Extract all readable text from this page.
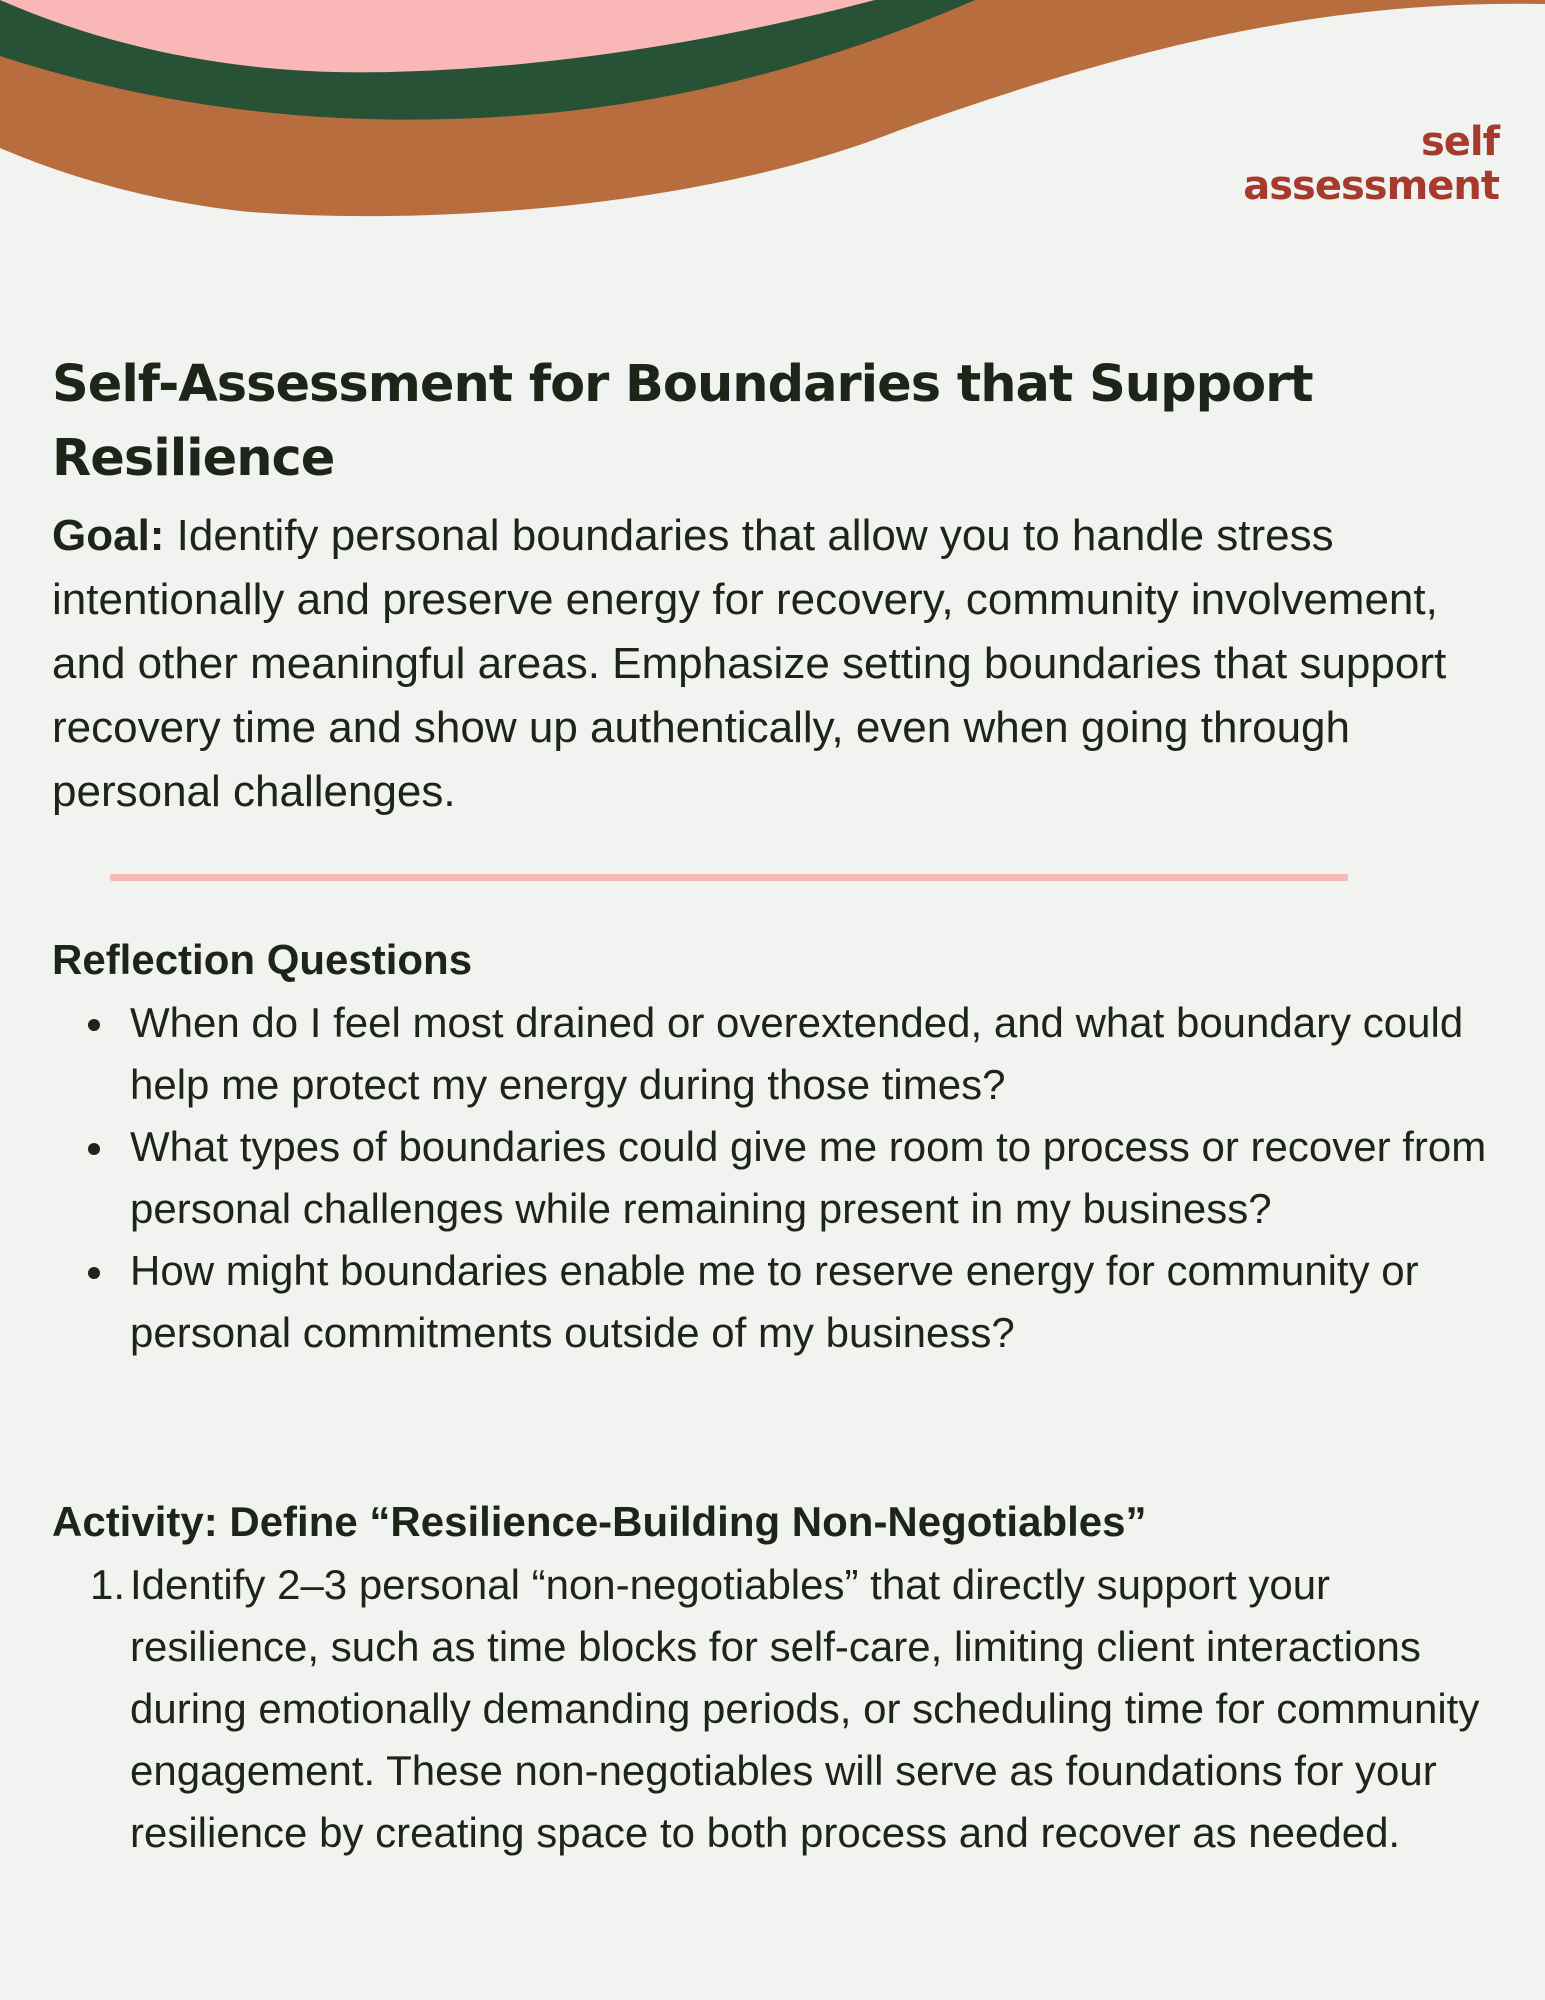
self
assessment
Self-Assessment for Boundaries that Support Resilience

Goal: Identify personal boundaries that allow you to handle stress intentionally and preserve energy for recovery, community involvement, and other meaningful areas. Emphasize setting boundaries that support recovery time and show up authentically, even when going through personal challenges.

Reflection Questions
When do I feel most drained or overextended, and what boundary could help me protect my energy during those times?
What types of boundaries could give me room to process or recover from personal challenges while remaining present in my business?
How might boundaries enable me to reserve energy for community or personal commitments outside of my business?
Activity: Define “Resilience-Building Non-Negotiables”
1. Identify 2–3 personal “non-negotiables” that directly support your resilience, such as time blocks for self-care, limiting client interactions during emotionally demanding periods, or scheduling time for community engagement. These non-negotiables will serve as foundations for your resilience by creating space to both process and recover as needed.
